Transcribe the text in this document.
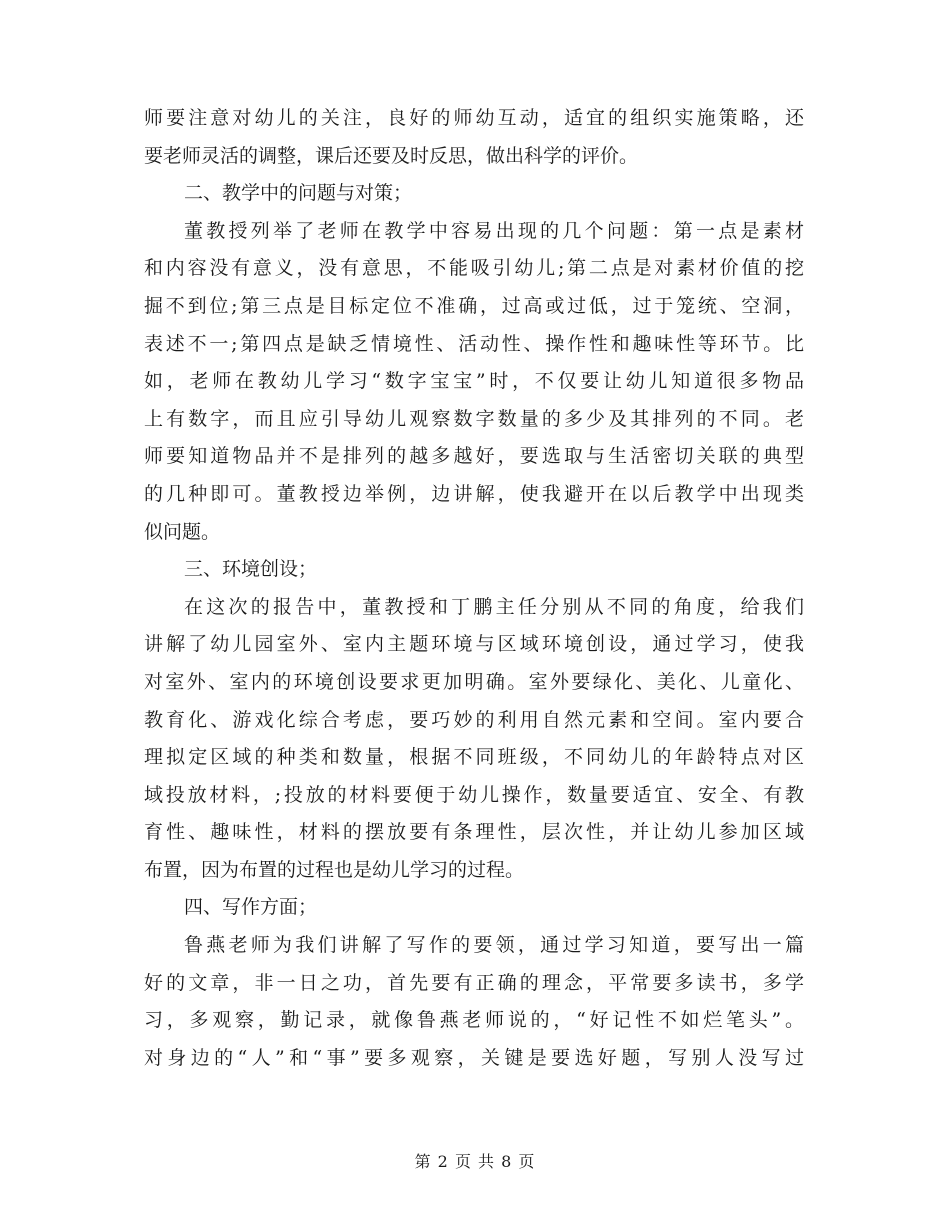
师要注意对幼儿的关注，良好的师幼互动，适宜的组织实施策略，还
要老师灵活的调整，课后还要及时反思，做出科学的评价。
二、教学中的问题与对策；
董教授列举了老师在教学中容易出现的几个问题：第一点是素材
和内容没有意义，没有意思，不能吸引幼儿;第二点是对素材价值的挖
掘不到位;第三点是目标定位不准确，过高或过低，过于笼统、空洞，
表述不一;第四点是缺乏情境性、活动性、操作性和趣味性等环节。比
如，老师在教幼儿学习“数字宝宝”时，不仅要让幼儿知道很多物品
上有数字，而且应引导幼儿观察数字数量的多少及其排列的不同。老
师要知道物品并不是排列的越多越好，要选取与生活密切关联的典型
的几种即可。董教授边举例，边讲解，使我避开在以后教学中出现类
似问题。
三、环境创设；
在这次的报告中，董教授和丁鹏主任分别从不同的角度，给我们
讲解了幼儿园室外、室内主题环境与区域环境创设，通过学习，使我
对室外、室内的环境创设要求更加明确。室外要绿化、美化、儿童化、
教育化、游戏化综合考虑，要巧妙的利用自然元素和空间。室内要合
理拟定区域的种类和数量，根据不同班级，不同幼儿的年龄特点对区
域投放材料，;投放的材料要便于幼儿操作，数量要适宜、安全、有教
育性、趣味性，材料的摆放要有条理性，层次性，并让幼儿参加区域
布置，因为布置的过程也是幼儿学习的过程。
四、写作方面；
鲁燕老师为我们讲解了写作的要领，通过学习知道，要写出一篇
好的文章，非一日之功，首先要有正确的理念，平常要多读书，多学
习，多观察，勤记录，就像鲁燕老师说的，“好记性不如烂笔头”。
对身边的“人”和“事”要多观察，关键是要选好题，写别人没写过
第 2 页 共 8 页
